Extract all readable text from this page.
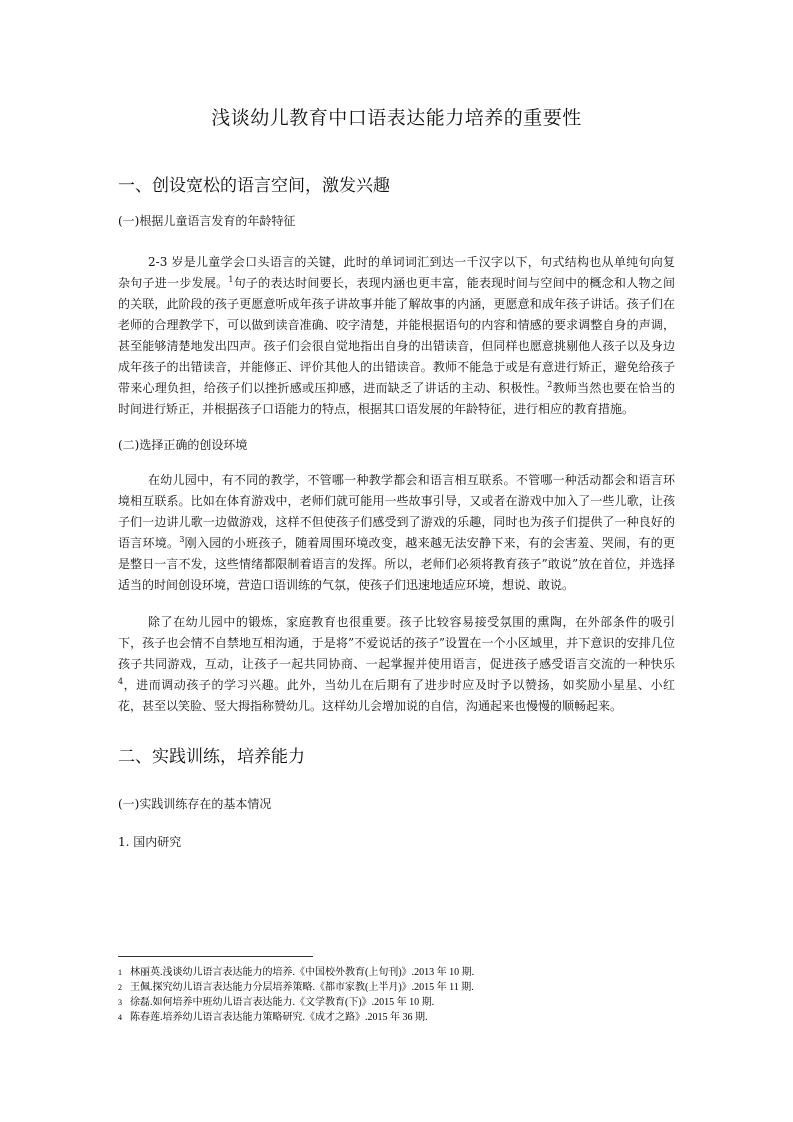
浅谈幼儿教育中口语表达能力培养的重要性
一、创设宽松的语言空间，激发兴趣
(一)根据儿童语言发育的年龄特征

2-3 岁是儿童学会口头语言的关键，此时的单词词汇到达一千汉字以下，句式结构也从单纯句向复杂句子进一步发展。$^1$句子的表达时间要长，表现内涵也更丰富，能表现时间与空间中的概念和人物之间的关联，此阶段的孩子更愿意听成年孩子讲故事并能了解故事的内涵，更愿意和成年孩子讲话。孩子们在老师的合理教学下，可以做到读音准确、咬字清楚，并能根据语句的内容和情感的要求调整自身的声调，甚至能够清楚地发出四声。孩子们会很自觉地指出自身的出错读音，但同样也愿意挑剔他人孩子以及身边成年孩子的出错读音，并能修正、评价其他人的出错读音。教师不能急于或是有意进行矫正，避免给孩子带来心理负担，给孩子们以挫折感或压抑感，进而缺乏了讲话的主动、积极性。$^2$教师当然也要在恰当的时间进行矫正，并根据孩子口语能力的特点，根据其口语发展的年龄特征，进行相应的教育措施。

(二)选择正确的创设环境

在幼儿园中，有不同的教学，不管哪一种教学都会和语言相互联系。不管哪一种活动都会和语言环境相互联系。比如在体育游戏中，老师们就可能用一些故事引导，又或者在游戏中加入了一些儿歌，让孩子们一边讲儿歌一边做游戏，这样不但使孩子们感受到了游戏的乐趣，同时也为孩子们提供了一种良好的语言环境。$^3$刚入园的小班孩子，随着周围环境改变，越来越无法安静下来，有的会害羞、哭闹，有的更是整日一言不发，这些情绪都限制着语言的发挥。所以，老师们必须将教育孩子”敢说”放在首位，并选择适当的时间创设环境，营造口语训练的气氛，使孩子们迅速地适应环境，想说、敢说。

除了在幼儿园中的锻炼，家庭教育也很重要。孩子比较容易接受氛围的熏陶，在外部条件的吸引下，孩子也会情不自禁地互相沟通，于是将”不爱说话的孩子”设置在一个小区域里，并下意识的安排几位孩子共同游戏，互动，让孩子一起共同协商、一起掌握并使用语言，促进孩子感受语言交流的一种快乐$^4$，进而调动孩子的学习兴趣。此外，当幼儿在后期有了进步时应及时予以赞扬，如奖励小星星、小红花，甚至以笑脸、竖大拇指称赞幼儿。这样幼儿会增加说的自信，沟通起来也慢慢的顺畅起来。

二、实践训练，培养能力
(一)实践训练存在的基本情况
1. 国内研究
1 林丽英.浅谈幼儿语言表达能力的培养.《中国校外教育(上旬刊)》.2013 年 10 期.
2 王佩.探究幼儿语言表达能力分层培养策略.《都市家教(上半月)》.2015 年 11 期.
3 徐磊.如何培养中班幼儿语言表达能力.《文学教育(下)》.2015 年 10 期.
4 陈春莲.培养幼儿语言表达能力策略研究.《成才之路》.2015 年 36 期.
